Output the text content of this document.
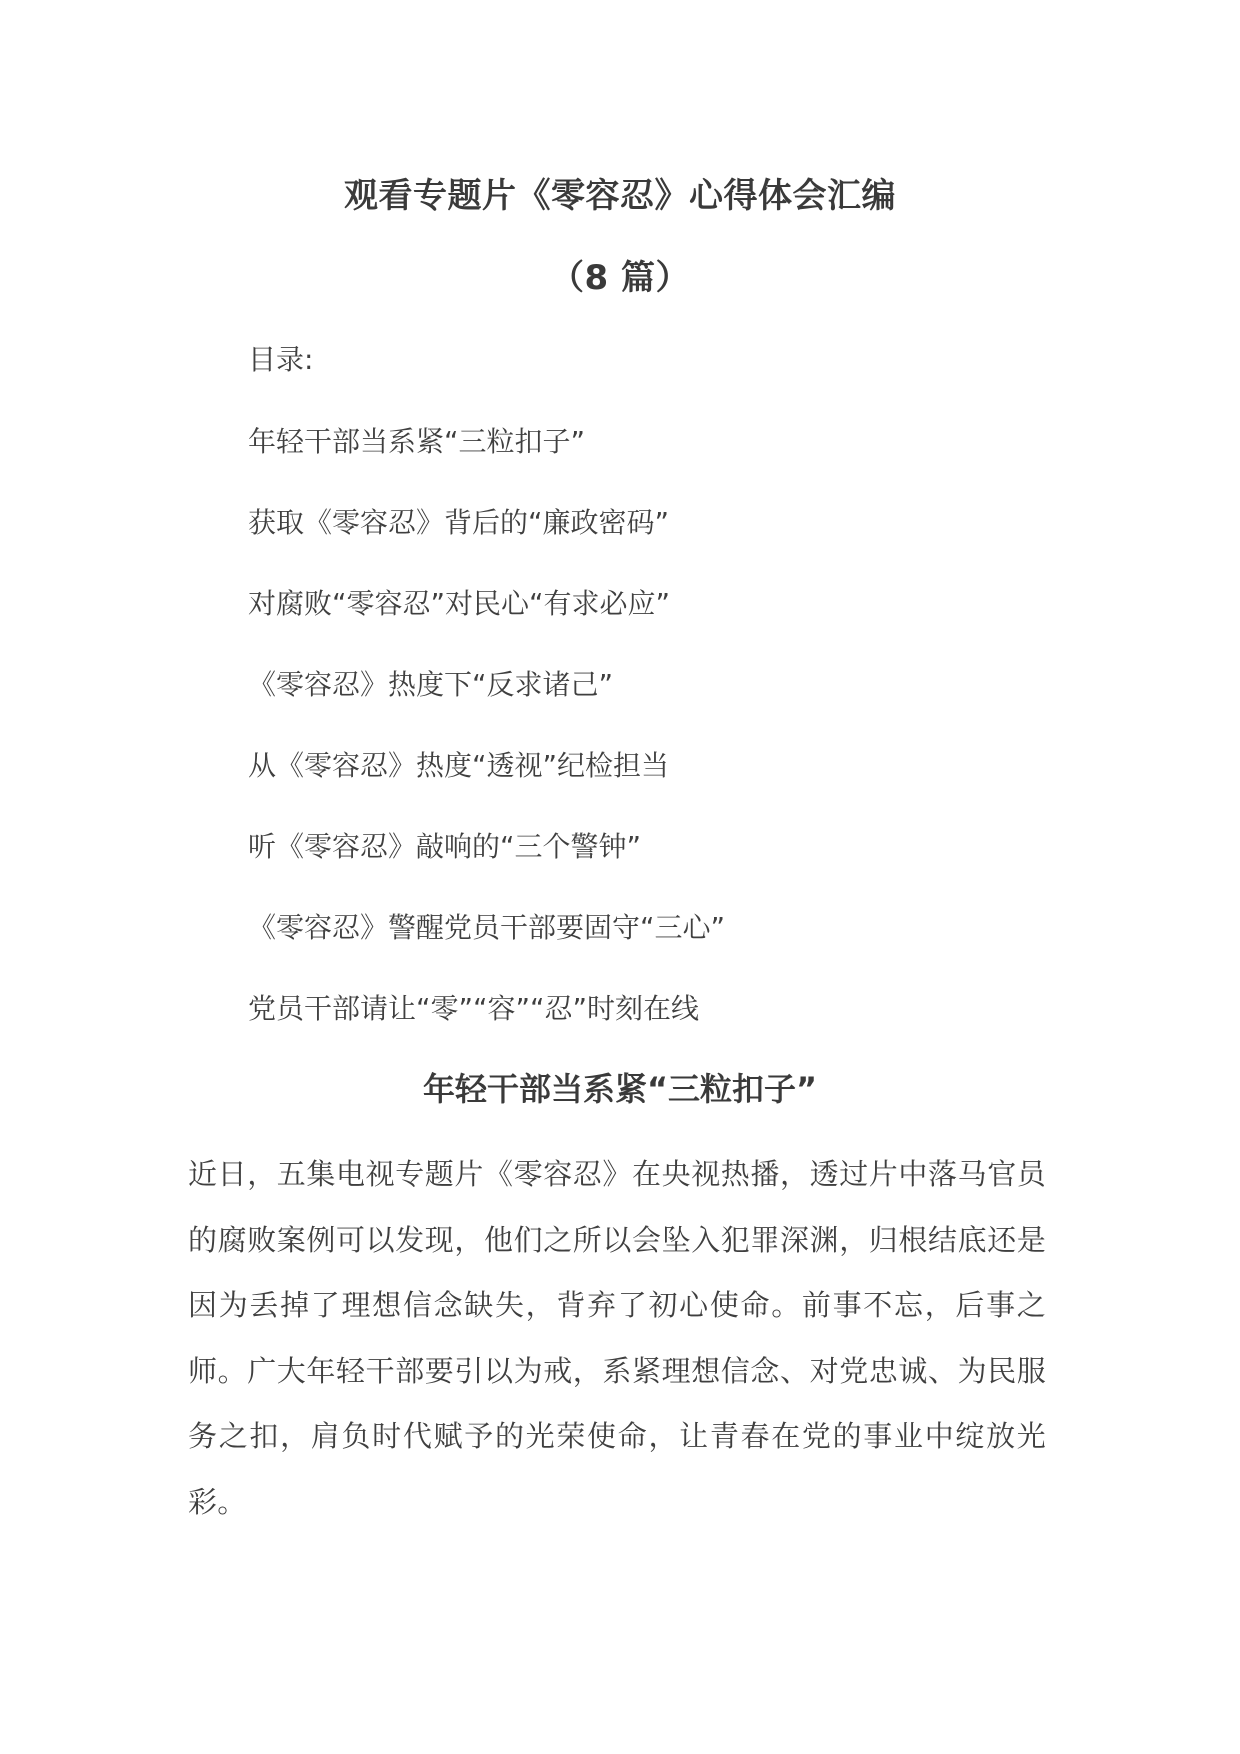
观看专题片《零容忍》心得体会汇编
（8 篇）

目录:

年轻干部当系紧“三粒扣子”
获取《零容忍》背后的“廉政密码”
对腐败“零容忍”对民心“有求必应”
《零容忍》热度下“反求诸己”
从《零容忍》热度“透视”纪检担当
听《零容忍》敲响的“三个警钟”
《零容忍》警醒党员干部要固守“三心”
党员干部请让“零”“容”“忍”时刻在线
年轻干部当系紧“三粒扣子”

近日，五集电视专题片《零容忍》在央视热播，透过片中落马官员的腐败案例可以发现，他们之所以会坠入犯罪深渊，归根结底还是因为丢掉了理想信念缺失，背弃了初心使命。前事不忘，后事之师。广大年轻干部要引以为戒，系紧理想信念、对党忠诚、为民服务之扣，肩负时代赋予的光荣使命，让青春在党的事业中绽放光彩。
